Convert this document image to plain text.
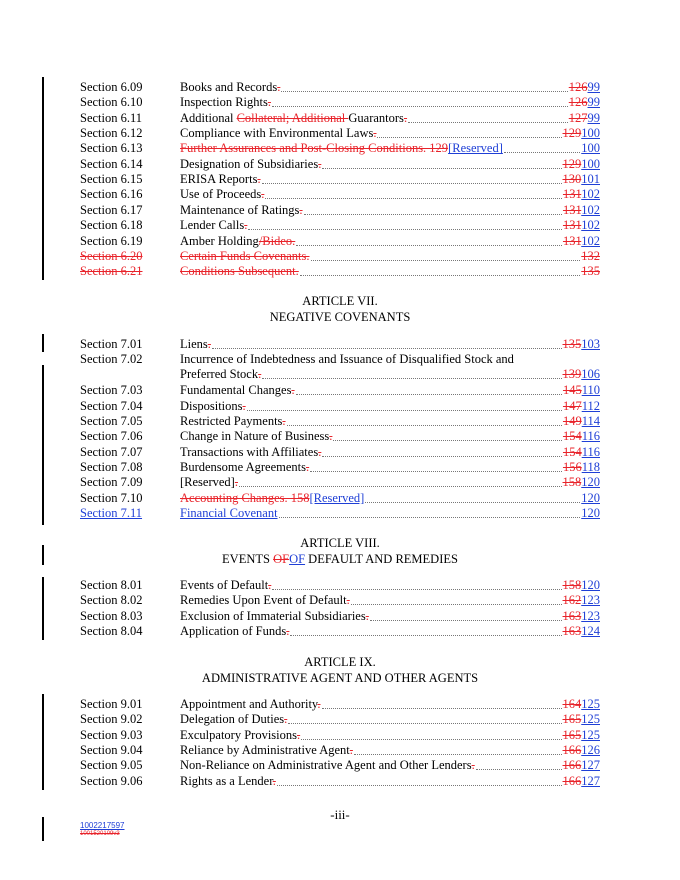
Section 6.09	Books and Records.	12699
Section 6.10	Inspection Rights.	12699
Section 6.11	Additional Collateral; Additional Guarantors.	12799
Section 6.12	Compliance with Environmental Laws.	129100
Section 6.13	Further Assurances and Post-Closing Conditions. 129[Reserved]	100
Section 6.14	Designation of Subsidiaries.	129100
Section 6.15	ERISA Reports.	130101
Section 6.16	Use of Proceeds.	131102
Section 6.17	Maintenance of Ratings.	131102
Section 6.18	Lender Calls.	131102
Section 6.19	Amber Holding/Bideo.	131102
Section 6.20	Certain Funds Covenants.	132
Section 6.21	Conditions Subsequent.	135
ARTICLE VII.
NEGATIVE COVENANTS
Section 7.01	Liens.	135103
Section 7.02	Incurrence of Indebtedness and Issuance of Disqualified Stock and
Preferred Stock.	139106
Section 7.03	Fundamental Changes.	145110
Section 7.04	Dispositions.	147112
Section 7.05	Restricted Payments.	149114
Section 7.06	Change in Nature of Business.	154116
Section 7.07	Transactions with Affiliates.	154116
Section 7.08	Burdensome Agreements.	156118
Section 7.09	[Reserved].	158120
Section 7.10	Accounting Changes. 158[Reserved]	120
Section 7.11	Financial Covenant	120
ARTICLE VIII.
EVENTS OFOF DEFAULT AND REMEDIES
Section 8.01	Events of Default.	158120
Section 8.02	Remedies Upon Event of Default.	162123
Section 8.03	Exclusion of Immaterial Subsidiaries.	163123
Section 8.04	Application of Funds.	163124
ARTICLE IX.
ADMINISTRATIVE AGENT AND OTHER AGENTS
Section 9.01	Appointment and Authority.	164125
Section 9.02	Delegation of Duties.	165125
Section 9.03	Exculpatory Provisions.	165125
Section 9.04	Reliance by Administrative Agent.	166126
Section 9.05	Non-Reliance on Administrative Agent and Other Lenders.	166127
Section 9.06	Rights as a Lender.	166127
-iii-
1002217597
1001520109v3
